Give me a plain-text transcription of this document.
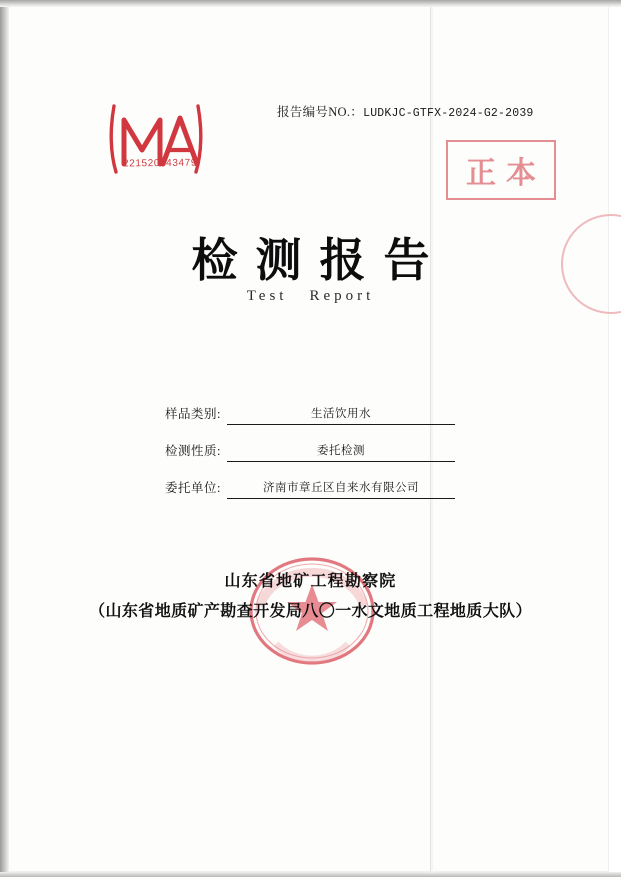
221520043479
报告编号NO.：LUDKJC-GTFX-2024-G2-2039
正本
检测报告
Test Report
样品类别:	生活饮用水
检测性质:	委托检测
委托单位:	济南市章丘区自来水有限公司
山东省地矿工程勘察院
（山东省地质矿产勘查开发局八〇一水文地质工程地质大队）
